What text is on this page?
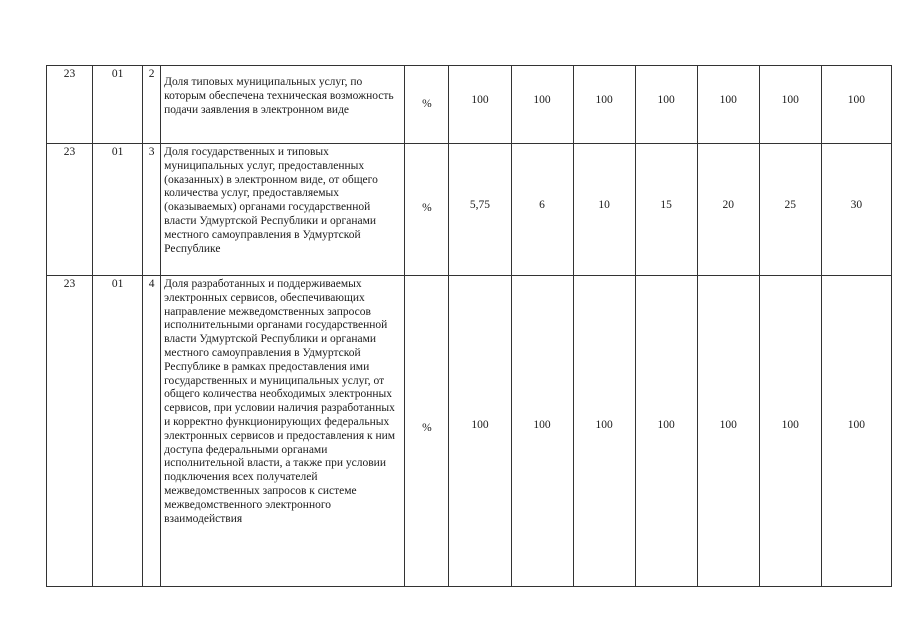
23	01	2	Доля типовых муниципальных услуг, по которым обеспечена техническая возможность подачи заявления в электронном виде	%	100	100	100	100	100	100	100
23	01	3	Доля государственных и типовых муниципальных услуг, предоставленных (оказанных) в электронном виде, от общего количества услуг, предоставляемых (оказываемых) органами государственной власти Удмуртской Республики и органами местного самоуправления в Удмуртской Республике	%	5,75	6	10	15	20	25	30
23	01	4	Доля разработанных и поддерживаемых электронных сервисов, обеспечивающих направление межведомственных запросов исполнительными органами государственной власти Удмуртской Республики и органами местного самоуправления в Удмуртской Республике в рамках предоставления ими государственных и муниципальных услуг, от общего количества необходимых электронных сервисов, при условии наличия разработанных и корректно функционирующих федеральных электронных сервисов и предоставления к ним доступа федеральными органами исполнительной власти, а также при условии подключения всех получателей межведомственных запросов к системе межведомственного электронного взаимодействия	%	100	100	100	100	100	100	100
